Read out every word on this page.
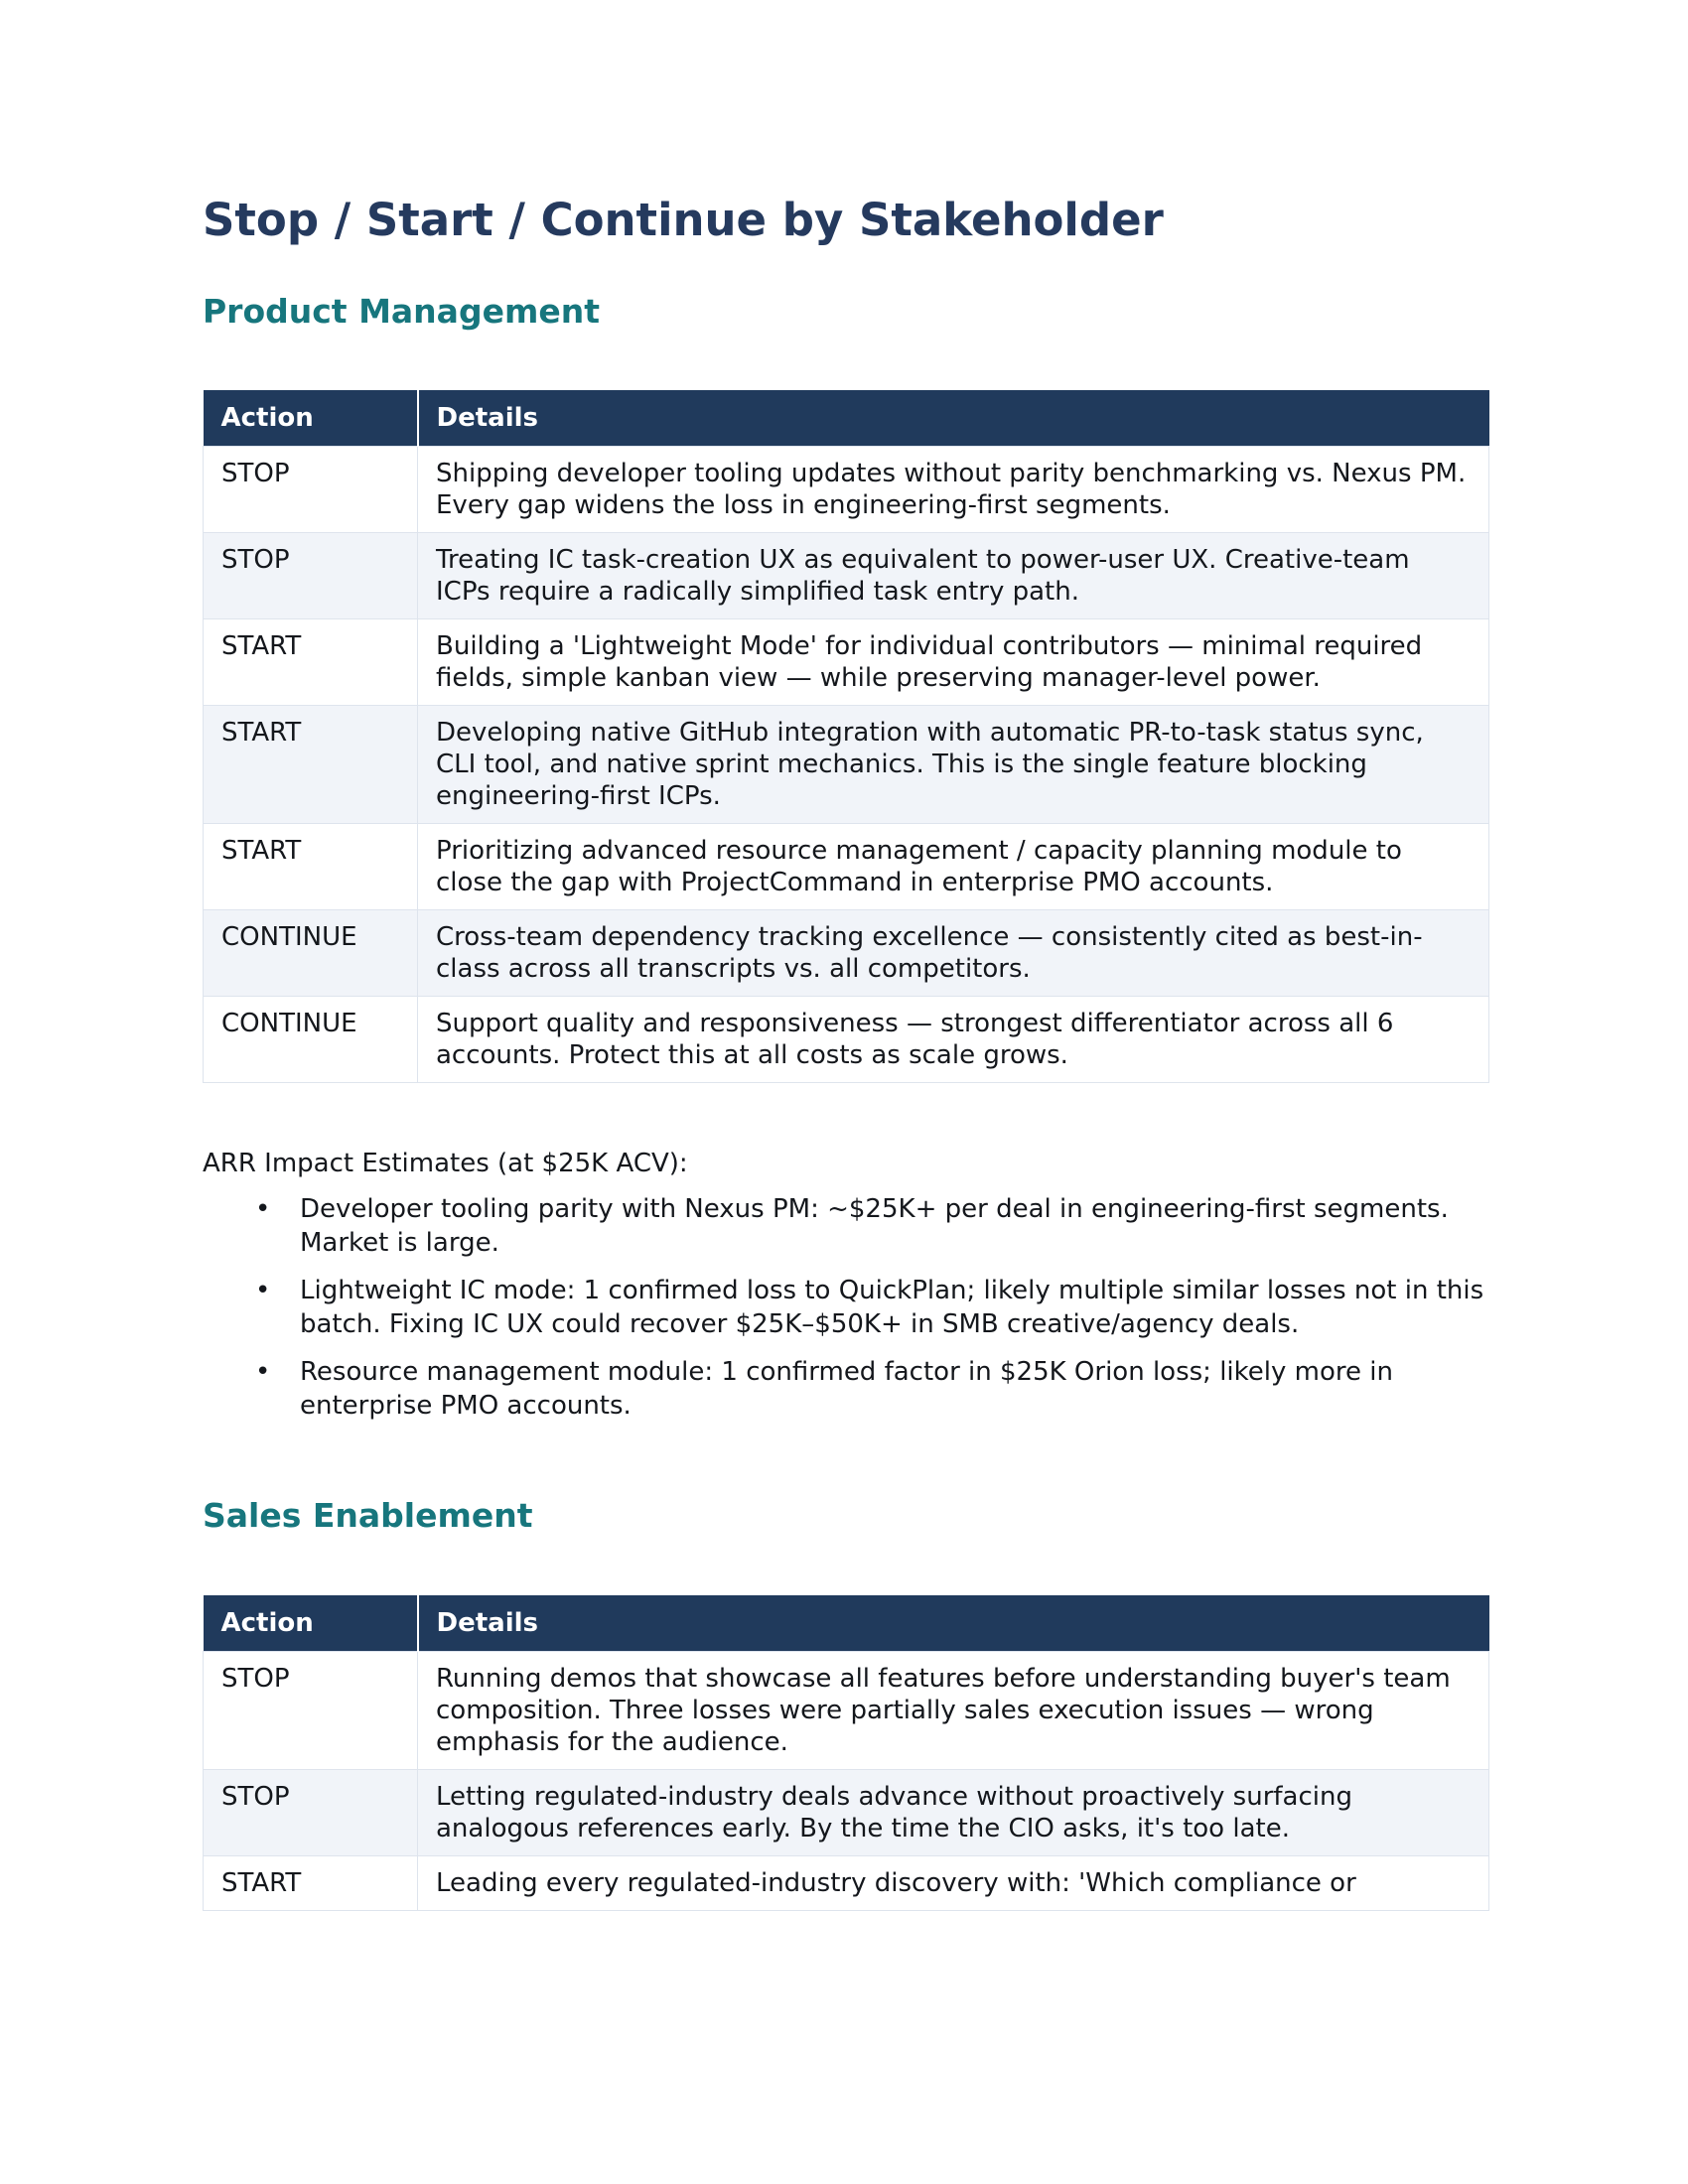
Stop / Start / Continue by Stakeholder
Product Management
Action	Details
STOP	Shipping developer tooling updates without parity benchmarking vs. Nexus PM. Every gap widens the loss in engineering-first segments.
STOP	Treating IC task-creation UX as equivalent to power-user UX. Creative-team ICPs require a radically simplified task entry path.
START	Building a 'Lightweight Mode' for individual contributors — minimal required fields, simple kanban view — while preserving manager-level power.
START	Developing native GitHub integration with automatic PR-to-task status sync, CLI tool, and native sprint mechanics. This is the single feature blocking engineering-first ICPs.
START	Prioritizing advanced resource management / capacity planning module to close the gap with ProjectCommand in enterprise PMO accounts.
CONTINUE	Cross-team dependency tracking excellence — consistently cited as best-in-class across all transcripts vs. all competitors.
CONTINUE	Support quality and responsiveness — strongest differentiator across all 6 accounts. Protect this at all costs as scale grows.

ARR Impact Estimates (at $25K ACV):

• Developer tooling parity with Nexus PM: ~$25K+ per deal in engineering-first segments. Market is large.
• Lightweight IC mode: 1 confirmed loss to QuickPlan; likely multiple similar losses not in this batch. Fixing IC UX could recover $25K–$50K+ in SMB creative/agency deals.
• Resource management module: 1 confirmed factor in $25K Orion loss; likely more in enterprise PMO accounts.
Sales Enablement
Action	Details
STOP	Running demos that showcase all features before understanding buyer's team composition. Three losses were partially sales execution issues — wrong emphasis for the audience.
STOP	Letting regulated-industry deals advance without proactively surfacing analogous references early. By the time the CIO asks, it's too late.
START	Leading every regulated-industry discovery with: 'Which compliance or
